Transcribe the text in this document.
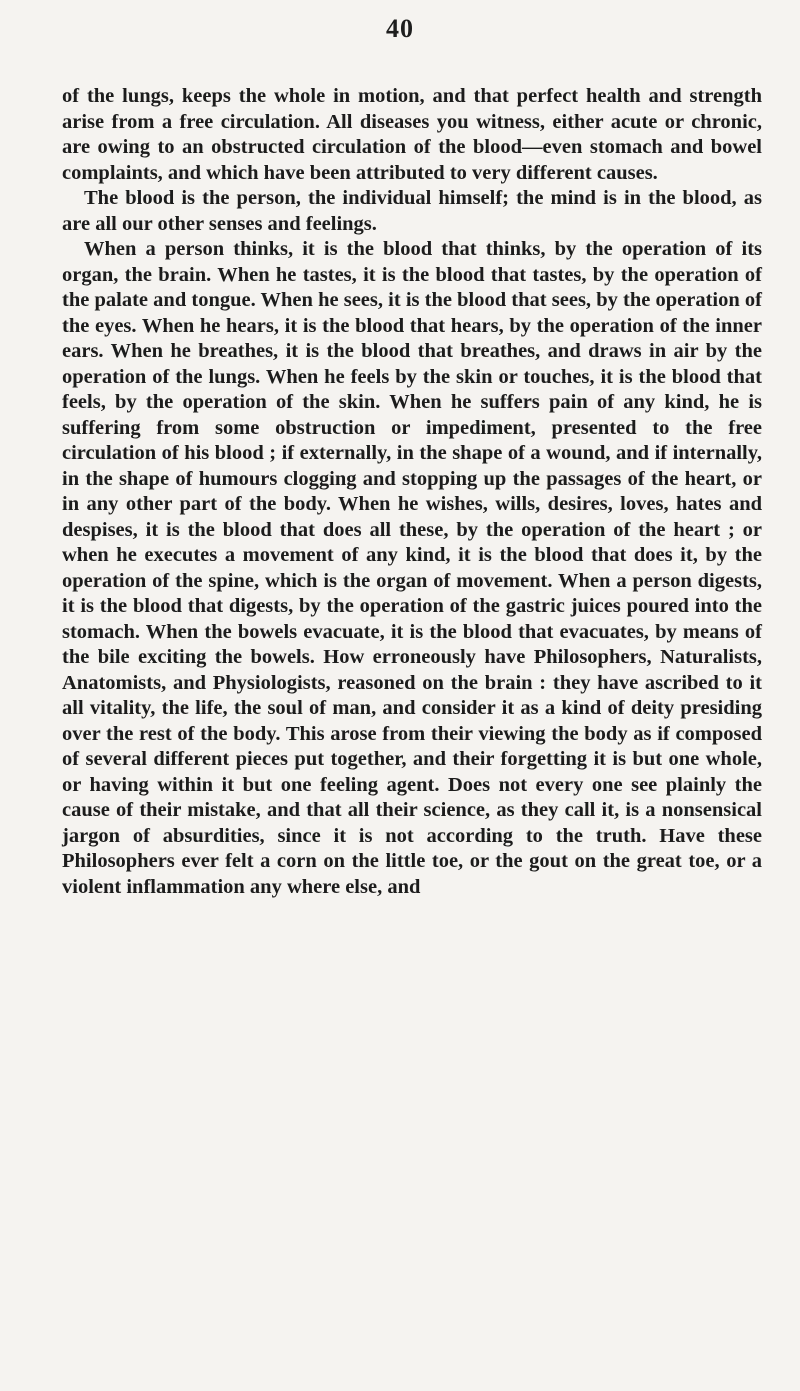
40

of the lungs, keeps the whole in motion, and that perfect health and strength arise from a free circulation. All diseases you witness, either acute or chronic, are owing to an obstructed circulation of the blood—even stomach and bowel complaints, and which have been attributed to very different causes.

The blood is the person, the individual himself; the mind is in the blood, as are all our other senses and feelings.

When a person thinks, it is the blood that thinks, by the operation of its organ, the brain. When he tastes, it is the blood that tastes, by the operation of the palate and tongue. When he sees, it is the blood that sees, by the operation of the eyes. When he hears, it is the blood that hears, by the operation of the inner ears. When he breathes, it is the blood that breathes, and draws in air by the operation of the lungs. When he feels by the skin or touches, it is the blood that feels, by the operation of the skin. When he suffers pain of any kind, he is suffering from some obstruction or impediment, presented to the free circulation of his blood ; if externally, in the shape of a wound, and if internally, in the shape of humours clogging and stopping up the passages of the heart, or in any other part of the body. When he wishes, wills, desires, loves, hates and despises, it is the blood that does all these, by the operation of the heart ; or when he executes a movement of any kind, it is the blood that does it, by the operation of the spine, which is the organ of movement. When a person digests, it is the blood that digests, by the operation of the gastric juices poured into the stomach. When the bowels evacuate, it is the blood that evacuates, by means of the bile exciting the bowels. How erroneously have Philosophers, Naturalists, Anatomists, and Physiologists, reasoned on the brain : they have ascribed to it all vitality, the life, the soul of man, and consider it as a kind of deity presiding over the rest of the body. This arose from their viewing the body as if composed of several different pieces put together, and their forgetting it is but one whole, or having within it but one feeling agent. Does not every one see plainly the cause of their mistake, and that all their science, as they call it, is a nonsensical jargon of absurdities, since it is not according to the truth. Have these Philosophers ever felt a corn on the little toe, or the gout on the great toe, or a violent inflammation any where else, and
